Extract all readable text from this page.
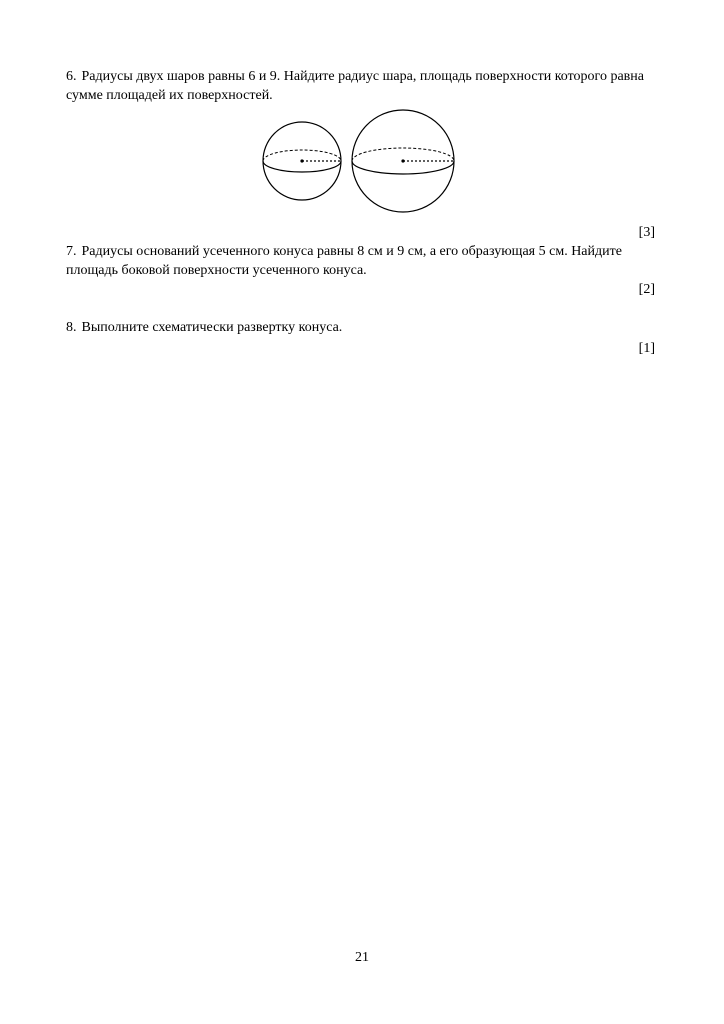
6. Радиусы двух шаров равны 6 и 9. Найдите радиус шара, площадь поверхности которого равна сумме площадей их поверхностей.

[3]

7. Радиусы оснований усеченного конуса равны 8 см и 9 см, а его образующая 5 см. Найдите площадь боковой поверхности усеченного конуса.

[2]

8. Выполните схематически развертку конуса.

[1]
21
